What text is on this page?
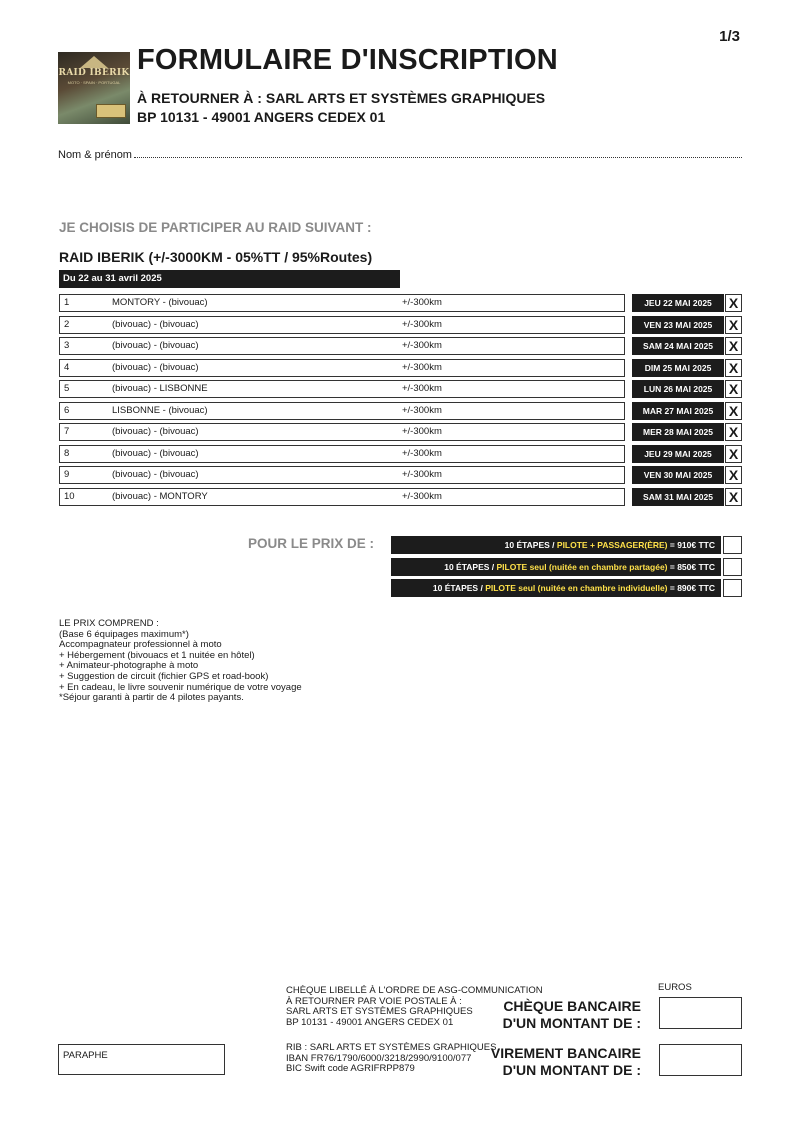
1/3
RAID IBERIK
MOTO · SPAIN · PORTUGAL
FORMULAIRE D'INSCRIPTION
À RETOURNER À : SARL ARTS ET SYSTÈMES GRAPHIQUES
BP 10131 - 49001 ANGERS CEDEX 01
Nom & prénom
JE CHOISIS DE PARTICIPER AU RAID SUIVANT :
RAID IBERIK (+/-3000KM - 05%TT / 95%Routes)
Du 22 au 31 avril 2025
1	MONTORY - (bivouac)	+/-300km	JEU 22 MAI 2025	X
2	(bivouac) - (bivouac)	+/-300km	VEN 23 MAI 2025	X
3	(bivouac) - (bivouac)	+/-300km	SAM 24 MAI 2025	X
4	(bivouac) - (bivouac)	+/-300km	DIM 25 MAI 2025	X
5	(bivouac) - LISBONNE	+/-300km	LUN 26 MAI 2025	X
6	LISBONNE - (bivouac)	+/-300km	MAR 27 MAI 2025	X
7	(bivouac) - (bivouac)	+/-300km	MER 28 MAI 2025	X
8	(bivouac) - (bivouac)	+/-300km	JEU 29 MAI 2025	X
9	(bivouac) - (bivouac)	+/-300km	VEN 30 MAI 2025	X
10	(bivouac) - MONTORY	+/-300km	SAM 31 MAI 2025	X
POUR LE PRIX DE :	10 ÉTAPES / PILOTE + PASSAGER(ÈRE) = 910€ TTC
10 ÉTAPES / PILOTE seul (nuitée en chambre partagée) = 850€ TTC
10 ÉTAPES / PILOTE seul (nuitée en chambre individuelle) = 890€ TTC
LE PRIX COMPREND :
(Base 6 équipages maximum*)
Accompagnateur professionnel à moto
+ Hébergement (bivouacs et 1 nuitée en hôtel)
+ Animateur-photographe à moto
+ Suggestion de circuit (fichier GPS et road-book)
+ En cadeau, le livre souvenir numérique de votre voyage
*Séjour garanti à partir de 4 pilotes payants.
EUROS
CHÈQUE LIBELLÉ À L'ORDRE DE ASG-COMMUNICATION
À RETOURNER PAR VOIE POSTALE À :
SARL ARTS ET SYSTÈMES GRAPHIQUES
BP 10131 - 49001 ANGERS CEDEX 01
CHÈQUE BANCAIRE
D'UN MONTANT DE :
RIB : SARL ARTS ET SYSTÈMES GRAPHIQUES
IBAN FR76/1790/6000/3218/2990/9100/077
BIC Swift code AGRIFRPP879
VIREMENT BANCAIRE
D'UN MONTANT DE :
PARAPHE
